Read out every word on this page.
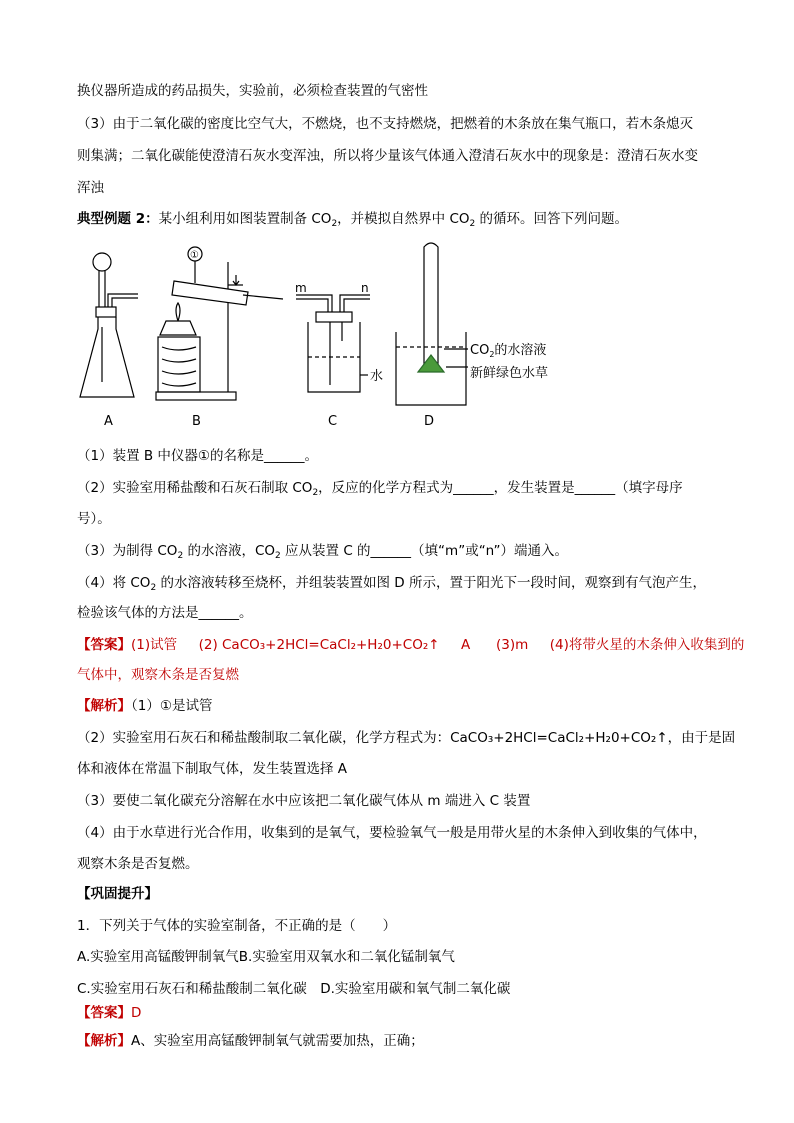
换仪器所造成的药品损失，实验前，必须检查装置的气密性
（3）由于二氧化碳的密度比空气大，不燃烧，也不支持燃烧，把燃着的木条放在集气瓶口，若木条熄灭
则集满；二氧化碳能使澄清石灰水变浑浊，所以将少量该气体通入澄清石灰水中的现象是：澄清石灰水变
浑浊
典型例题 2：某小组利用如图装置制备 $CO_2$，并模拟自然界中 $CO_2$ 的循环。回答下列问题。
①
m	n
水
$CO_2$的水溶液
新鲜绿色水草
A	B	C	D
（1）装置 B 中仪器①的名称是______。
（2）实验室用稀盐酸和石灰石制取 $CO_2$，反应的化学方程式为______，发生装置是______（填字母序
号）。
（3）为制得 $CO_2$ 的水溶液，$CO_2$ 应从装置 C 的______（填“m”或“n”）端通入。
（4）将 $CO_2$ 的水溶液转移至烧杯，并组装装置如图 D 所示，置于阳光下一段时间，观察到有气泡产生，
检验该气体的方法是______。
【答案】(1)试管 (2) CaCO₃+2HCl=CaCl₂+H₂0+CO₂↑ A (3)m (4)将带火星的木条伸入收集到的
气体中，观察木条是否复燃
【解析】（1）①是试管
（2）实验室用石灰石和稀盐酸制取二氧化碳，化学方程式为：CaCO₃+2HCl=CaCl₂+H₂0+CO₂↑，由于是固
体和液体在常温下制取气体，发生装置选择 A
（3）要使二氧化碳充分溶解在水中应该把二氧化碳气体从 m 端进入 C 装置
（4）由于水草进行光合作用，收集到的是氧气，要检验氧气一般是用带火星的木条伸入到收集的气体中，
观察木条是否复燃。
【巩固提升】
1．下列关于气体的实验室制备，不正确的是（　　）
A.实验室用高锰酸钾制氧气B.实验室用双氧水和二氧化锰制氧气
C.实验室用石灰石和稀盐酸制二氧化碳　D.实验室用碳和氧气制二氧化碳
【答案】D
【解析】A、实验室用高锰酸钾制氧气就需要加热，正确；
